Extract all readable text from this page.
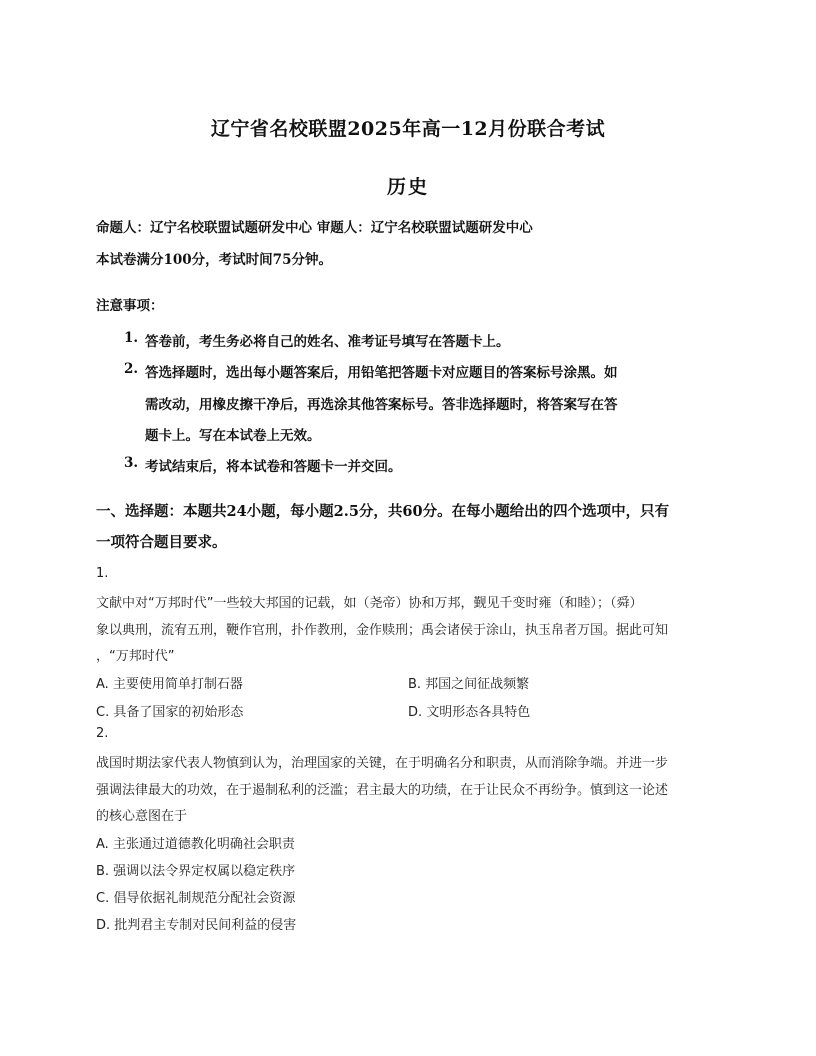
辽宁省名校联盟2025年高一12月份联合考试
历史
命题人：辽宁名校联盟试题研发中心 审题人：辽宁名校联盟试题研发中心
本试卷满分100分，考试时间75分钟。
注意事项：
1. 答卷前，考生务必将自己的姓名、准考证号填写在答题卡上。
2. 答选择题时，选出每小题答案后，用铅笔把答题卡对应题目的答案标号涂黑。如
需改动，用橡皮擦干净后，再选涂其他答案标号。答非选择题时，将答案写在答
题卡上。写在本试卷上无效。
3. 考试结束后，将本试卷和答题卡一并交回。
一、选择题：本题共24小题，每小题2.5分，共60分。在每小题给出的四个选项中，只有
一项符合题目要求。
1.
文献中对“万邦时代”一些较大邦国的记载，如（尧帝）协和万邦，觐见千变时雍（和睦）；（舜）
象以典刑，流宥五刑，鞭作官刑，扑作教刑，金作赎刑；禹会诸侯于涂山，执玉帛者万国。据此可知
，“万邦时代”
A. 主要使用简单打制石器	B. 邦国之间征战频繁
C. 具备了国家的初始形态	D. 文明形态各具特色
2.
战国时期法家代表人物慎到认为，治理国家的关键，在于明确名分和职责，从而消除争端。并进一步
强调法律最大的功效，在于遏制私利的泛滥；君主最大的功绩，在于让民众不再纷争。慎到这一论述
的核心意图在于
A. 主张通过道德教化明确社会职责
B. 强调以法令界定权属以稳定秩序
C. 倡导依据礼制规范分配社会资源
D. 批判君主专制对民间利益的侵害
